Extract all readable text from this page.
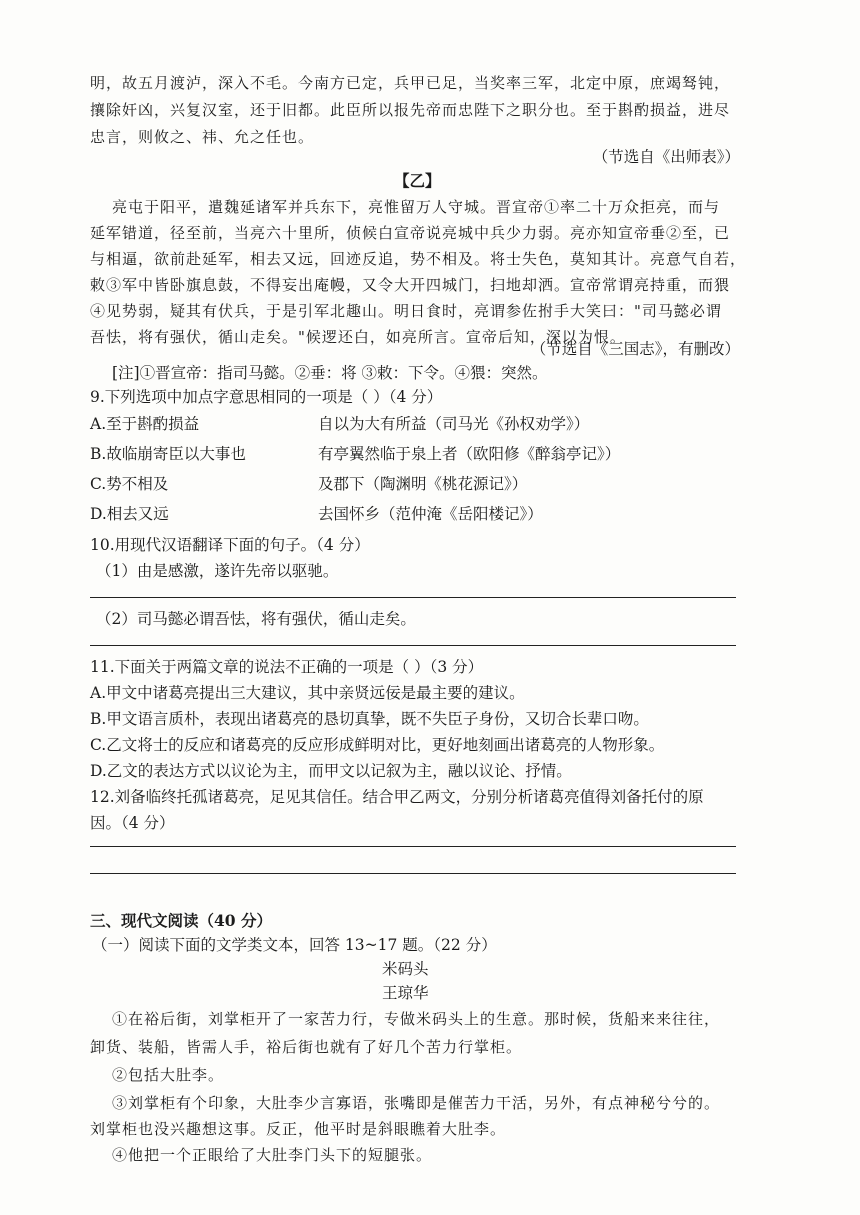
明，故五月渡泸，深入不毛。今南方已定，兵甲已足，当奖率三军，北定中原，庶竭驽钝，
攘除奸凶，兴复汉室，还于旧都。此臣所以报先帝而忠陛下之职分也。至于斟酌损益，进尽
忠言，则攸之、祎、允之任也。
（节选自《出师表》）
【乙】
亮屯于阳平，遣魏延诸军并兵东下，亮惟留万人守城。晋宣帝①率二十万众拒亮，而与
延军错道，径至前，当亮六十里所，侦候白宣帝说亮城中兵少力弱。亮亦知宣帝垂②至，已
与相逼，欲前赴延军，相去又远，回迹反追，势不相及。将士失色，莫知其计。亮意气自若，
敕③军中皆卧旗息鼓，不得妄出庵幔，又令大开四城门，扫地却洒。宣帝常谓亮持重，而猥
④见势弱，疑其有伏兵，于是引军北趣山。明日食时，亮谓参佐拊手大笑曰："司马懿必谓
吾怯，将有强伏，循山走矣。"候逻还白，如亮所言。宣帝后知，深以为恨。
（节选自《三国志》，有删改）
[注]①晋宣帝：指司马懿。②垂：将 ③敕：下令。④猥：突然。
9.下列选项中加点字意思相同的一项是（ ）（4 分）
A.至于斟酌损益	自以为大有所益（司马光《孙权劝学》）
B.故临崩寄臣以大事也	有亭翼然临于泉上者（欧阳修《醉翁亭记》）
C.势不相及	及郡下（陶渊明《桃花源记》）
D.相去又远	去国怀乡（范仲淹《岳阳楼记》）
10.用现代汉语翻译下面的句子。（4 分）
（1）由是感激，遂许先帝以驱驰。
（2）司马懿必谓吾怯，将有强伏，循山走矣。
11.下面关于两篇文章的说法不正确的一项是（ ）（3 分）
A.甲文中诸葛亮提出三大建议，其中亲贤远佞是最主要的建议。
B.甲文语言质朴，表现出诸葛亮的恳切真挚，既不失臣子身份，又切合长辈口吻。
C.乙文将士的反应和诸葛亮的反应形成鲜明对比，更好地刻画出诸葛亮的人物形象。
D.乙文的表达方式以议论为主，而甲文以记叙为主，融以议论、抒情。
12.刘备临终托孤诸葛亮，足见其信任。结合甲乙两文，分别分析诸葛亮值得刘备托付的原
因。（4 分）
三、现代文阅读（40 分）
（一）阅读下面的文学类文本，回答 13~17 题。（22 分）
米码头
王琼华
①在裕后街，刘掌柜开了一家苦力行，专做米码头上的生意。那时候，货船来来往往，
卸货、装船，皆需人手，裕后街也就有了好几个苦力行掌柜。
②包括大肚李。
③刘掌柜有个印象，大肚李少言寡语，张嘴即是催苦力干活，另外，有点神秘兮兮的。
刘掌柜也没兴趣想这事。反正，他平时是斜眼瞧着大肚李。
④他把一个正眼给了大肚李门头下的短腿张。
